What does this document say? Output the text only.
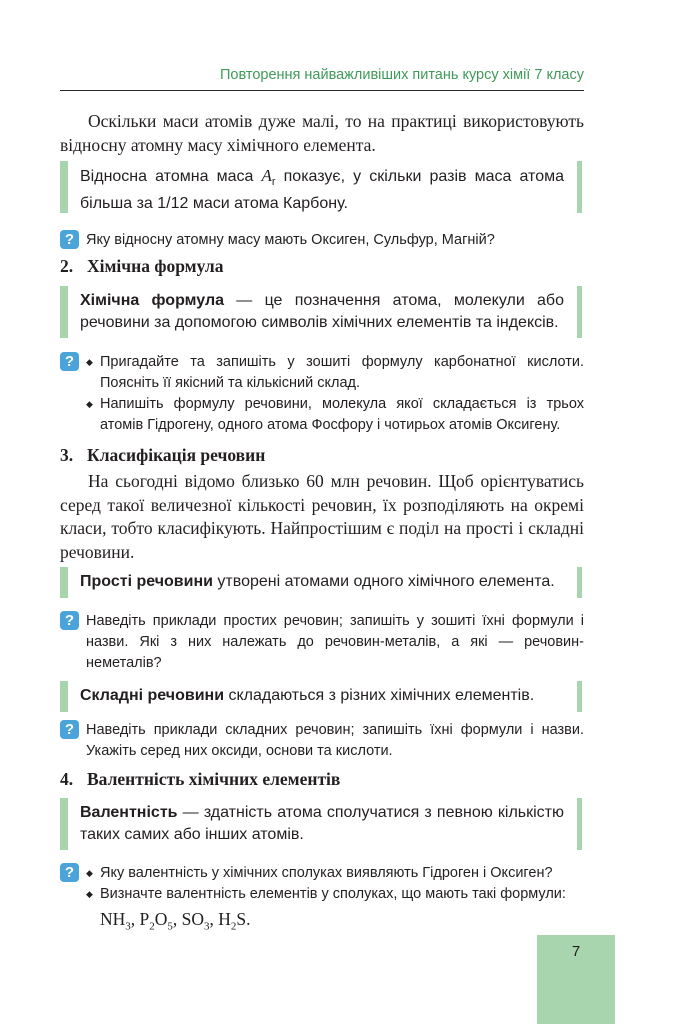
Повторення найважливіших питань курсу хімії 7 класу

Оскільки маси атомів дуже малі, то на практиці використовують відносну атомну масу хімічного елемента.

Відносна атомна маса $A_r$ показує, у скільки разів маса атома більша за 1/12 маси атома Карбону.

? Яку відносну атомну масу мають Оксиген, Сульфур, Магній?

2. Хімічна формула

Хімічна формула — це позначення атома, молекули або речовини за допомогою символів хімічних елементів та індексів.

?	◆ Пригадайте та запишіть у зошиті формулу карбонатної кислоти. Поясніть її якісний та кількісний склад.

◆ Напишіть формулу речовини, молекула якої складається із трьох атомів Гідрогену, одного атома Фосфору і чотирьох атомів Оксигену.

3. Класифікація речовин

На сьогодні відомо близько 60 млн речовин. Щоб орієнтуватись серед такої величезної кількості речовин, їх розподіляють на окремі класи, тобто класифікують. Найпростішим є поділ на прості і складні речовини.

Прості речовини утворені атомами одного хімічного елемента.

? Наведіть приклади простих речовин; запишіть у зошиті їхні формули і назви. Які з них належать до речовин-металів, а які — речовин-неметалів?

Складні речовини складаються з різних хімічних елементів.

? Наведіть приклади складних речовин; запишіть їхні формули і назви. Укажіть серед них оксиди, основи та кислоти.

4. Валентність хімічних елементів

Валентність — здатність атома сполучатися з певною кількістю таких самих або інших атомів.

?	◆ Яку валентність у хімічних сполуках виявляють Гідроген і Оксиген?

◆ Визначте валентність елементів у сполуках, що мають такі формули:

$NH_3$, $P_2O_5$, $SO_3$, $H_2S$.
7
